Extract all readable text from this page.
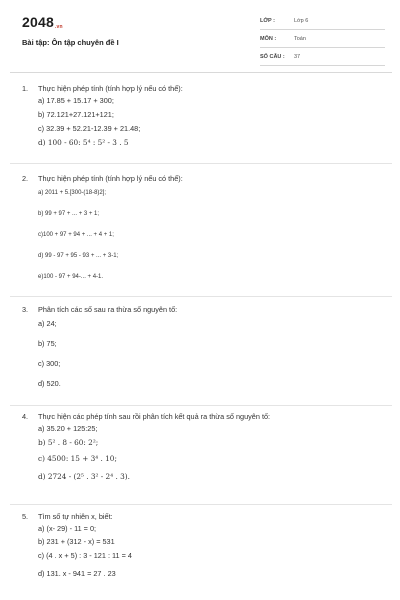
2048.vn
Bài tập: Ôn tập chuyên đề I
LỚP :	Lớp 6
MÔN :	Toán
SỐ CÂU : 37
1. Thực hiện phép tính (tính hợp lý nếu có thể):
a) 17.85 + 15.17 + 300;
b) 72.121+27.121+121;
c) 32.39 + 52.21-12.39 + 21.48;
d) 100 - 60: 5⁴ : 5² - 3 . 5
2. Thực hiện phép tính (tính hợp lý nếu có thể):
a) 2011 + 5.[300-(18-8)2];
b) 99 + 97 + ... + 3 + 1;
c)100 + 97 + 94 + ... + 4 + 1;
d) 99 - 97 + 95 - 93 + ... + 3-1;
e)100 - 97 + 94-... + 4-1.
3. Phân tích các số sau ra thừa số nguyên tố:
a) 24;
b) 75;
c) 300;
d) 520.
4. Thực hiện các phép tính sau rồi phân tích kết quả ra thừa số nguyên tố:
a) 35.20 + 125:25;
b) 5² . 8 - 60: 2²;
c) 4500: 15 + 3⁴ . 10;
d) 2724 - (2⁵ . 3² - 2⁴ . 3).
5. Tìm số tự nhiên x, biết:
a) (x- 29) - 11 = 0;
b) 231 + (312 - x) = 531
c) (4 . x + 5) : 3 - 121 : 11 = 4
d) 131. x - 941 = 27 . 23
